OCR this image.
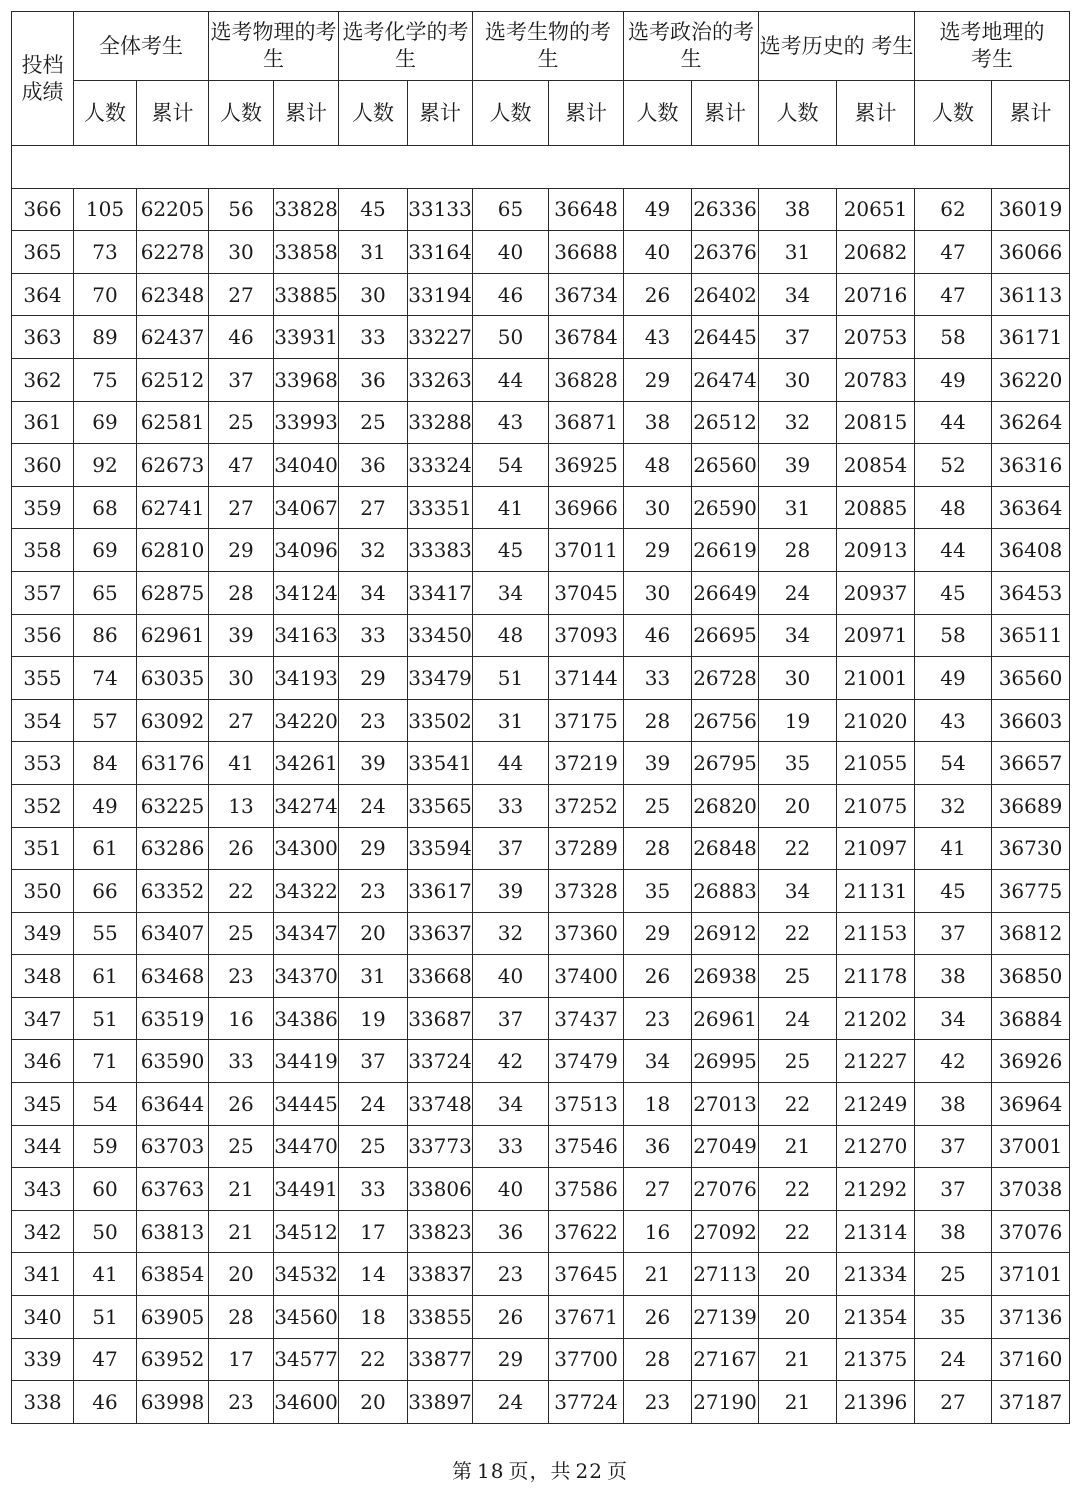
投档成绩	全体考生		选考物理的考生		选考化学的考生		选考生物的考生		选考政治的考生		选考历史的 考生		选考地理的考生	
	人数	累计	人数	累计	人数	累计	人数	累计	人数	累计	人数	累计	人数	累计

366	105	62205	56	33828	45	33133	65	36648	49	26336	38	20651	62	36019
365	73	62278	30	33858	31	33164	40	36688	40	26376	31	20682	47	36066
364	70	62348	27	33885	30	33194	46	36734	26	26402	34	20716	47	36113
363	89	62437	46	33931	33	33227	50	36784	43	26445	37	20753	58	36171
362	75	62512	37	33968	36	33263	44	36828	29	26474	30	20783	49	36220
361	69	62581	25	33993	25	33288	43	36871	38	26512	32	20815	44	36264
360	92	62673	47	34040	36	33324	54	36925	48	26560	39	20854	52	36316
359	68	62741	27	34067	27	33351	41	36966	30	26590	31	20885	48	36364
358	69	62810	29	34096	32	33383	45	37011	29	26619	28	20913	44	36408
357	65	62875	28	34124	34	33417	34	37045	30	26649	24	20937	45	36453
356	86	62961	39	34163	33	33450	48	37093	46	26695	34	20971	58	36511
355	74	63035	30	34193	29	33479	51	37144	33	26728	30	21001	49	36560
354	57	63092	27	34220	23	33502	31	37175	28	26756	19	21020	43	36603
353	84	63176	41	34261	39	33541	44	37219	39	26795	35	21055	54	36657
352	49	63225	13	34274	24	33565	33	37252	25	26820	20	21075	32	36689
351	61	63286	26	34300	29	33594	37	37289	28	26848	22	21097	41	36730
350	66	63352	22	34322	23	33617	39	37328	35	26883	34	21131	45	36775
349	55	63407	25	34347	20	33637	32	37360	29	26912	22	21153	37	36812
348	61	63468	23	34370	31	33668	40	37400	26	26938	25	21178	38	36850
347	51	63519	16	34386	19	33687	37	37437	23	26961	24	21202	34	36884
346	71	63590	33	34419	37	33724	42	37479	34	26995	25	21227	42	36926
345	54	63644	26	34445	24	33748	34	37513	18	27013	22	21249	38	36964
344	59	63703	25	34470	25	33773	33	37546	36	27049	21	21270	37	37001
343	60	63763	21	34491	33	33806	40	37586	27	27076	22	21292	37	37038
342	50	63813	21	34512	17	33823	36	37622	16	27092	22	21314	38	37076
341	41	63854	20	34532	14	33837	23	37645	21	27113	20	21334	25	37101
340	51	63905	28	34560	18	33855	26	37671	26	27139	20	21354	35	37136
339	47	63952	17	34577	22	33877	29	37700	28	27167	21	21375	24	37160
338	46	63998	23	34600	20	33897	24	37724	23	27190	21	21396	27	37187
第 18 页，共 22 页
